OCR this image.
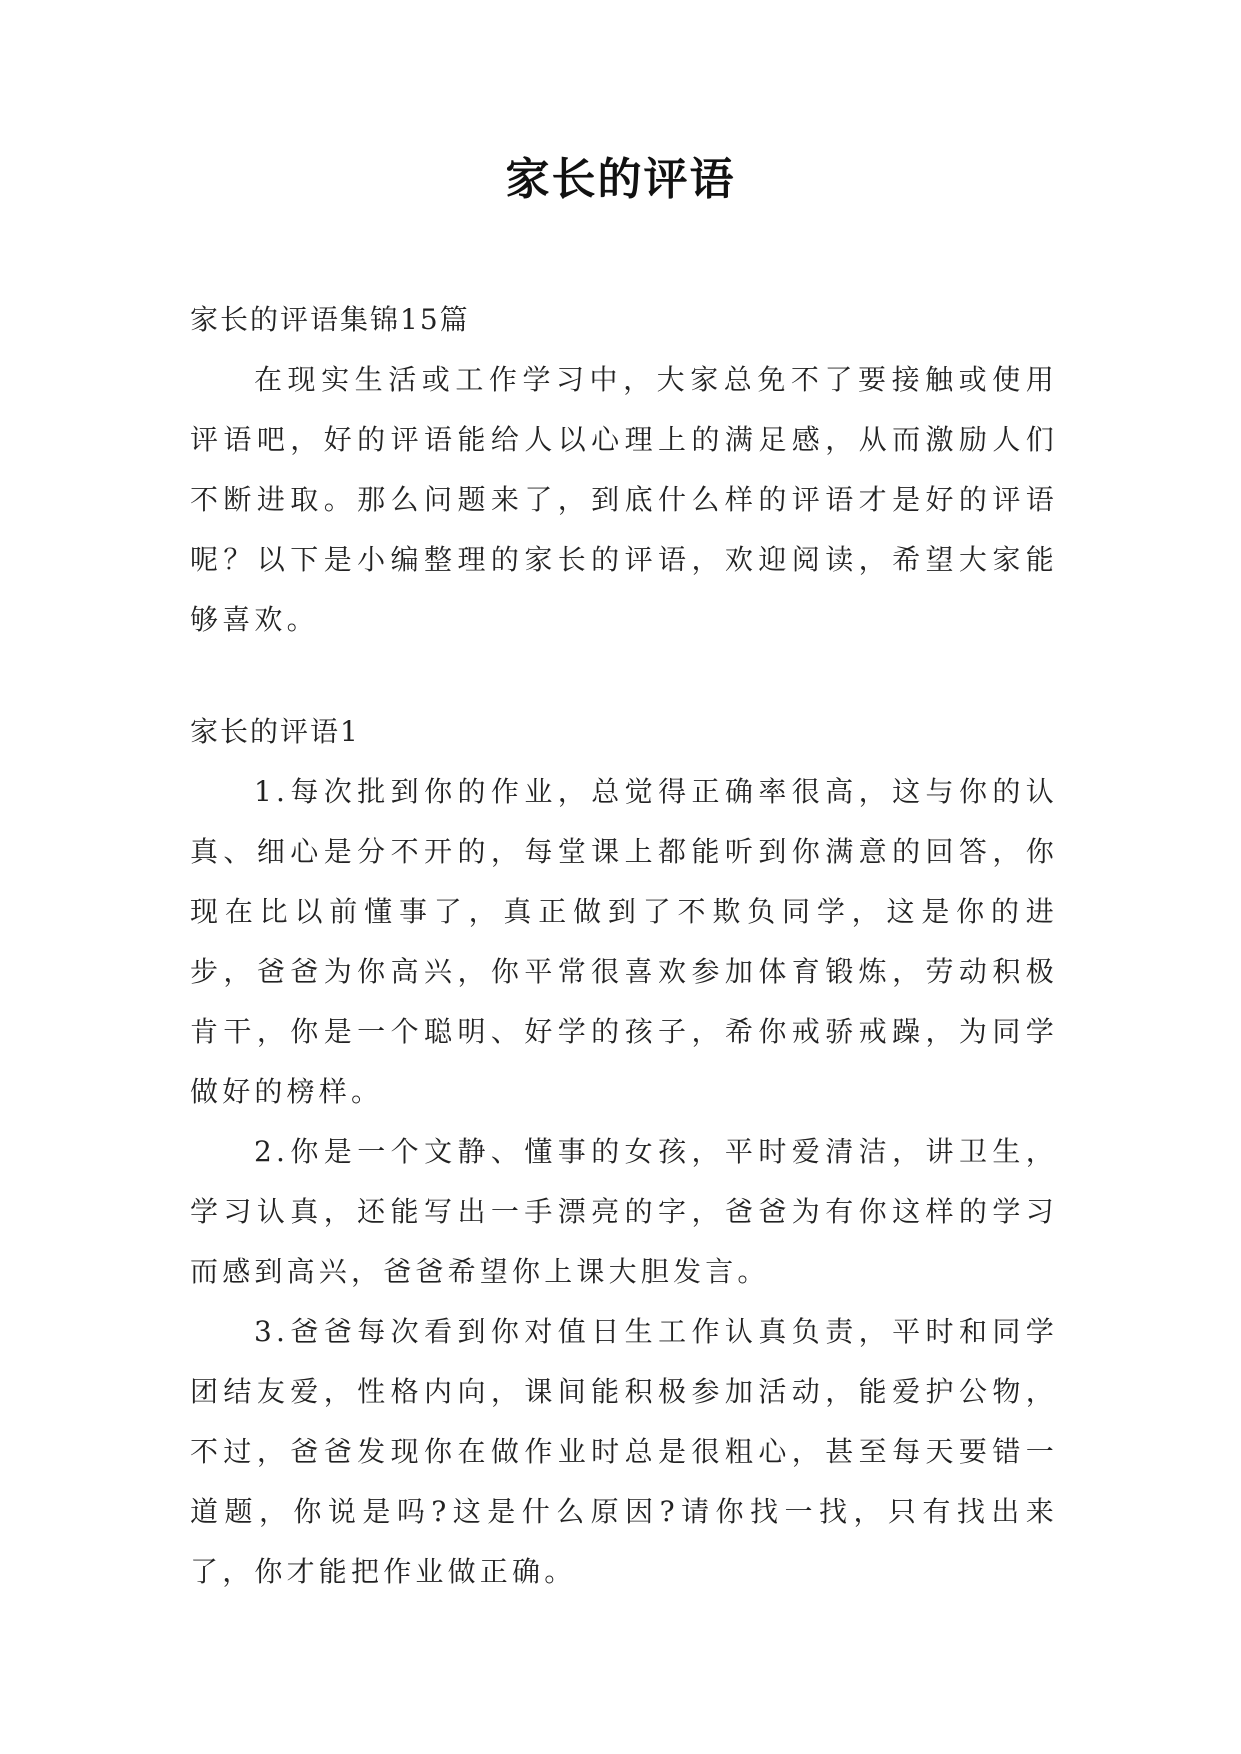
家长的评语

家长的评语集锦15篇

在现实生活或工作学习中，大家总免不了要接触或使用评语吧，好的评语能给人以心理上的满足感，从而激励人们不断进取。那么问题来了，到底什么样的评语才是好的评语呢？以下是小编整理的家长的评语，欢迎阅读，希望大家能够喜欢。

家长的评语1

1.每次批到你的作业，总觉得正确率很高，这与你的认真、细心是分不开的，每堂课上都能听到你满意的回答，你现在比以前懂事了，真正做到了不欺负同学，这是你的进步，爸爸为你高兴，你平常很喜欢参加体育锻炼，劳动积极肯干，你是一个聪明、好学的孩子，希你戒骄戒躁，为同学做好的榜样。

2.你是一个文静、懂事的女孩，平时爱清洁，讲卫生，学习认真，还能写出一手漂亮的字，爸爸为有你这样的学习而感到高兴，爸爸希望你上课大胆发言。

3.爸爸每次看到你对值日生工作认真负责，平时和同学团结友爱，性格内向，课间能积极参加活动，能爱护公物，不过，爸爸发现你在做作业时总是很粗心，甚至每天要错一道题，你说是吗?这是什么原因?请你找一找，只有找出来了，你才能把作业做正确。
